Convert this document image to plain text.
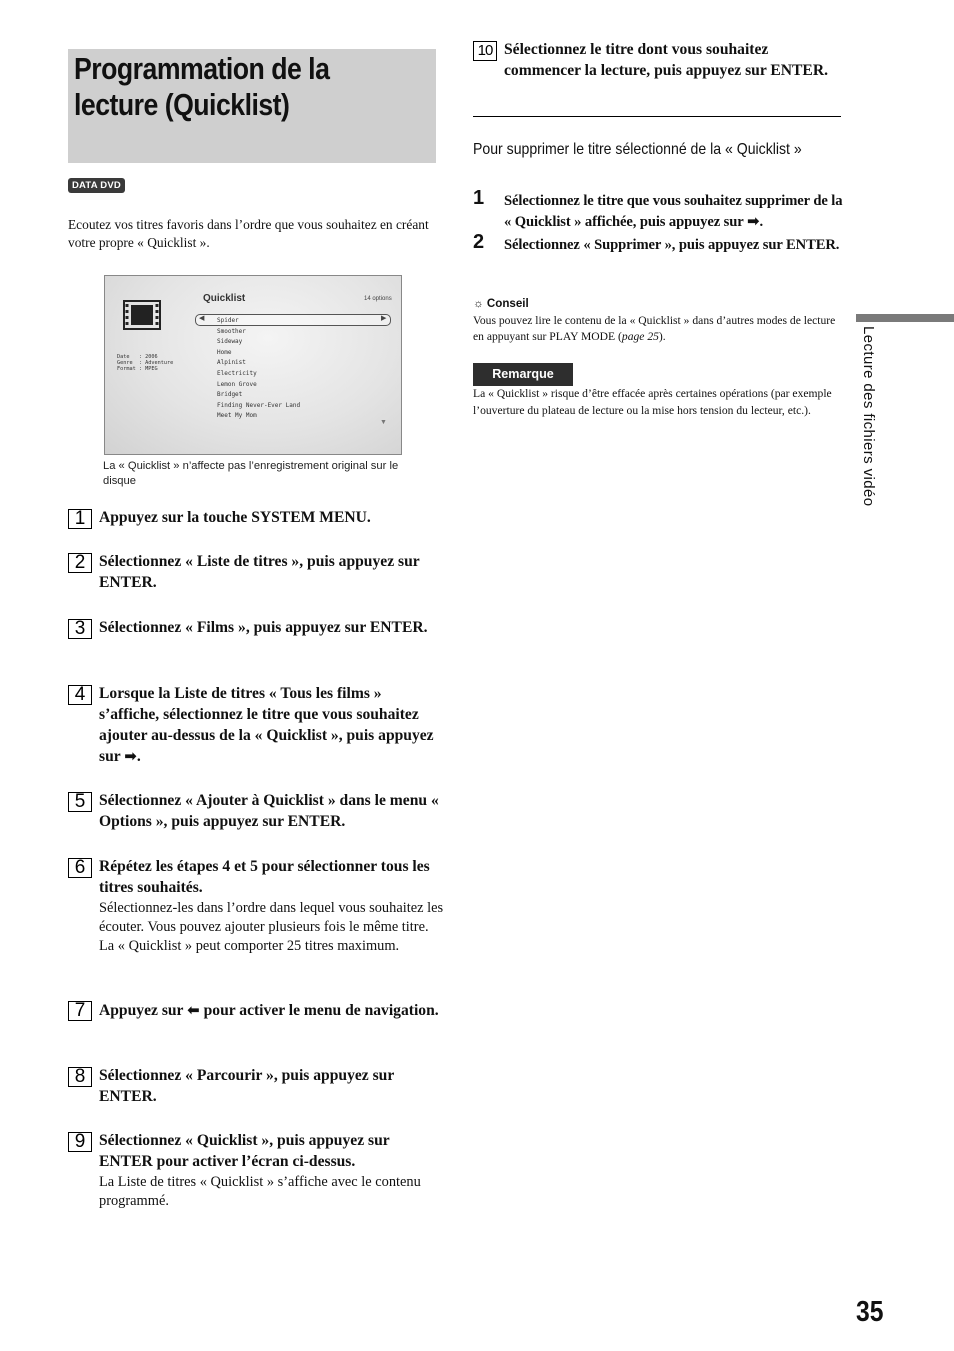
Programmation de la
lecture (Quicklist)
DATA DVD
Ecoutez vos titres favoris dans l’ordre que vous souhaitez en créant votre propre « Quicklist ».
Quicklist	14 options
Date   : 2006
Genre  : Adventure
Format : MPEG
◀	▶
Spider
Smoother
Sideway
Home
Alpinist
Electricity
Lemon Grove
Bridget
Finding Never-Ever Land
Meet My Mom
▼
La « Quicklist » n’affecte pas l’enregistrement original sur le disque
1 Appuyez sur la touche SYSTEM MENU.
2 Sélectionnez « Liste de titres », puis appuyez sur ENTER.
3 Sélectionnez « Films », puis appuyez sur ENTER.
4 Lorsque la Liste de titres « Tous les films » s’affiche, sélectionnez le titre que vous souhaitez ajouter au-dessus de la « Quicklist », puis appuyez sur ➡.
5 Sélectionnez « Ajouter à Quicklist » dans le menu « Options », puis appuyez sur ENTER.
6 Répétez les étapes 4 et 5 pour sélectionner tous les titres souhaités.
Sélectionnez-les dans l’ordre dans lequel vous souhaitez les écouter. Vous pouvez ajouter plusieurs fois le même titre.
La « Quicklist » peut comporter 25 titres maximum.
7 Appuyez sur ⬅ pour activer le menu de navigation.
8 Sélectionnez « Parcourir », puis appuyez sur ENTER.
9 Sélectionnez « Quicklist », puis appuyez sur ENTER pour activer l’écran ci-dessus.
La Liste de titres « Quicklist » s’affiche avec le contenu programmé.
10 Sélectionnez le titre dont vous souhaitez commencer la lecture, puis appuyez sur ENTER.
Pour supprimer le titre sélectionné de la « Quicklist »
1 Sélectionnez le titre que vous souhaitez supprimer de la « Quicklist » affichée, puis appuyez sur ➡.
2 Sélectionnez « Supprimer », puis appuyez sur ENTER.
☼ Conseil
Vous pouvez lire le contenu de la « Quicklist » dans d’autres modes de lecture en appuyant sur PLAY MODE (page 25).
Remarque
La « Quicklist » risque d’être effacée après certaines opérations (par exemple l’ouverture du plateau de lecture ou la mise hors tension du lecteur, etc.).	Lecture des fichiers vidéo
35
